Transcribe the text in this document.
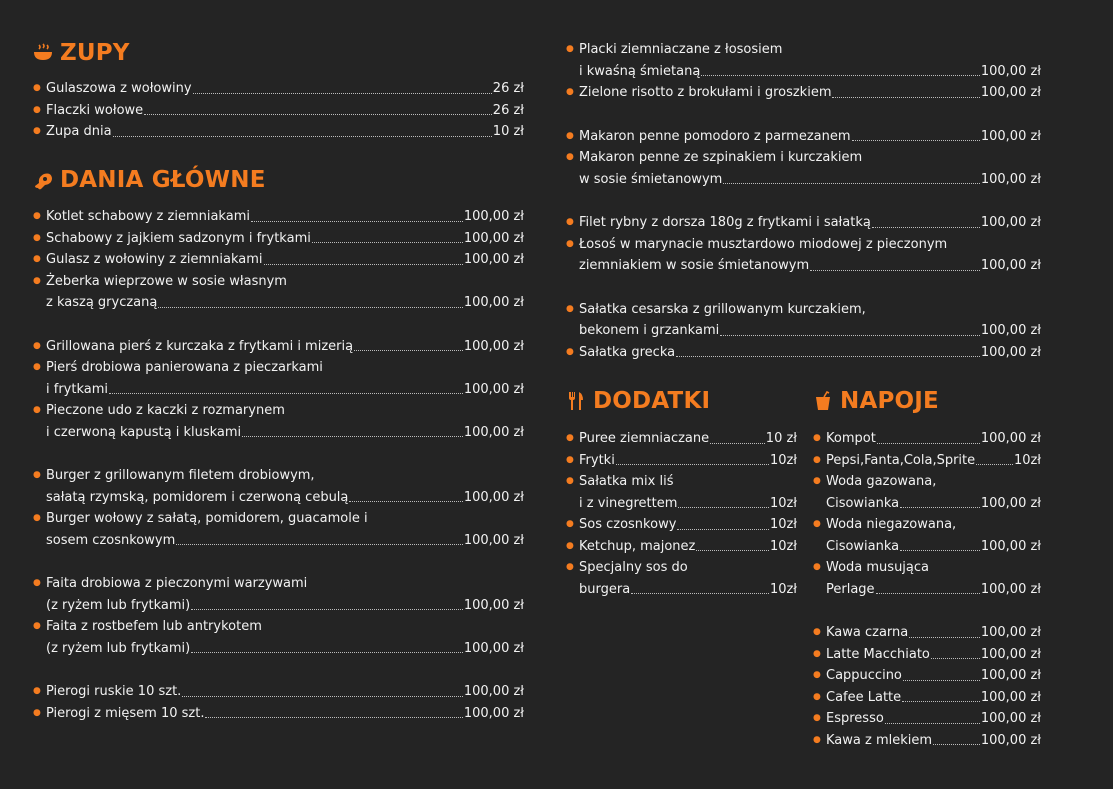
ZUPY
DANIA GŁÓWNE
DODATKI	NAPOJE
● Gulaszowa z wołowiny	26 zł
● Flaczki wołowe	26 zł
● Zupa dnia	10 zł
● Kotlet schabowy z ziemniakami	100,00 zł
● Schabowy z jajkiem sadzonym i frytkami	100,00 zł
● Gulasz z wołowiny z ziemniakami	100,00 zł
● Żeberka wieprzowe w sosie własnym
z kaszą gryczaną	100,00 zł
● Grillowana pierś z kurczaka z frytkami i mizerią	100,00 zł
● Pierś drobiowa panierowana z pieczarkami
i frytkami	100,00 zł
● Pieczone udo z kaczki z rozmarynem
i czerwoną kapustą i kluskami	100,00 zł
● Burger z grillowanym filetem drobiowym,
sałatą rzymską, pomidorem i czerwoną cebulą	100,00 zł
● Burger wołowy z sałatą, pomidorem, guacamole i
sosem czosnkowym	100,00 zł
● Faita drobiowa z pieczonymi warzywami
(z ryżem lub frytkami)	100,00 zł
● Faita z rostbefem lub antrykotem
(z ryżem lub frytkami)	100,00 zł
● Pierogi ruskie 10 szt.	100,00 zł
● Pierogi z mięsem 10 szt.	100,00 zł
● Placki ziemniaczane z łososiem
i kwaśną śmietaną	100,00 zł
● Zielone risotto z brokułami i groszkiem	100,00 zł
● Makaron penne pomodoro z parmezanem	100,00 zł
● Makaron penne ze szpinakiem i kurczakiem
w sosie śmietanowym	100,00 zł
● Filet rybny z dorsza 180g z frytkami i sałatką	100,00 zł
● Łosoś w marynacie musztardowo miodowej z pieczonym
ziemniakiem w sosie śmietanowym	100,00 zł
● Sałatka cesarska z grillowanym kurczakiem,
bekonem i grzankami	100,00 zł
● Sałatka grecka	100,00 zł
● Puree ziemniaczane	10 zł
● Frytki	10zł
● Sałatka mix liś
i z vinegrettem	10zł
● Sos czosnkowy	10zł
● Ketchup, majonez	10zł
● Specjalny sos do
burgera	10zł
● Kompot	100,00 zł
● Pepsi,Fanta,Cola,Sprite	10zł
● Woda gazowana,
Cisowianka	100,00 zł
● Woda niegazowana,
Cisowianka	100,00 zł
● Woda musująca
Perlage	100,00 zł
● Kawa czarna	100,00 zł
● Latte Macchiato	100,00 zł
● Cappuccino	100,00 zł
● Cafee Latte	100,00 zł
● Espresso	100,00 zł
● Kawa z mlekiem	100,00 zł
